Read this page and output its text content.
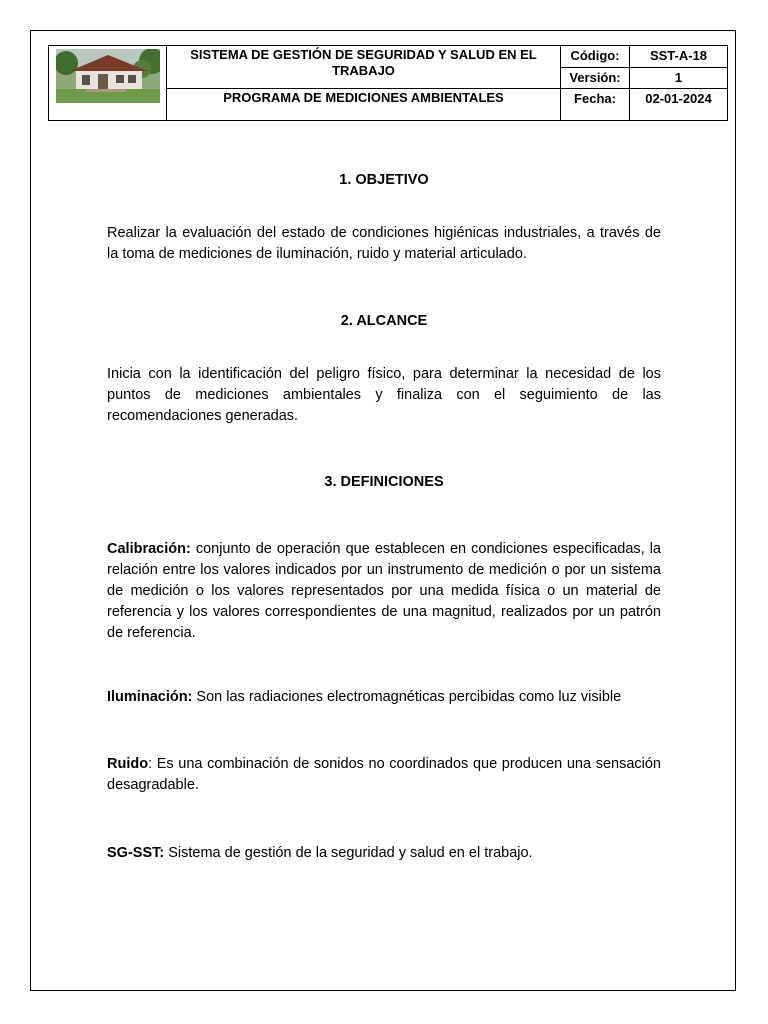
	SISTEMA DE GESTIÓN DE SEGURIDAD Y SALUD EN EL TRABAJO	Código:	SST-A-18
		Versión:	1
	PROGRAMA DE MEDICIONES AMBIENTALES	Fecha:	02-01-2024
1. OBJETIVO

Realizar la evaluación del estado de condiciones higiénicas industriales, a través de la toma de mediciones de iluminación, ruido y material articulado.

2. ALCANCE

Inicia con la identificación del peligro físico, para determinar la necesidad de los puntos de mediciones ambientales y finaliza con el seguimiento de las recomendaciones generadas.

3. DEFINICIONES

Calibración: conjunto de operación que establecen en condiciones especificadas, la relación entre los valores indicados por un instrumento de medición o por un sistema de medición o los valores representados por una medida física o un material de referencia y los valores correspondientes de una magnitud, realizados por un patrón de referencia.

Iluminación: Son las radiaciones electromagnéticas percibidas como luz visible

Ruido: Es una combinación de sonidos no coordinados que producen una sensación desagradable.

SG-SST: Sistema de gestión de la seguridad y salud en el trabajo.
